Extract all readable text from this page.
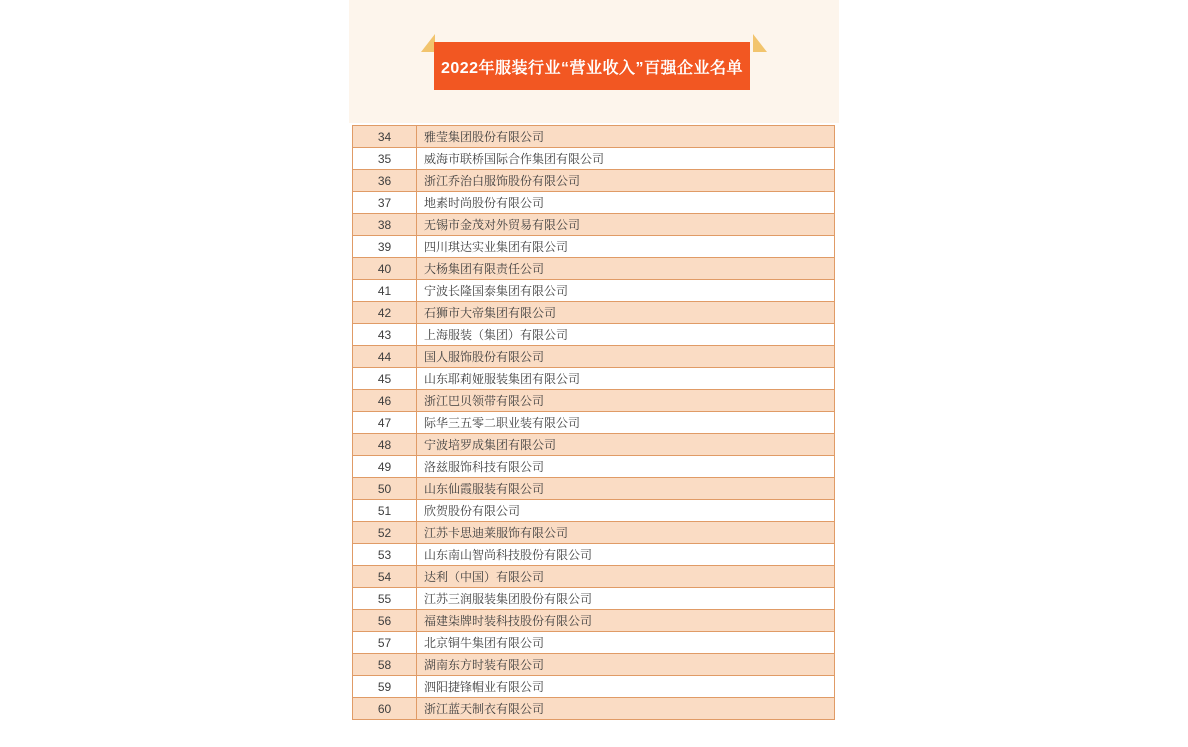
2022年服装行业“营业收入”百强企业名单
34	雅莹集团股份有限公司
35	威海市联桥国际合作集团有限公司
36	浙江乔治白服饰股份有限公司
37	地素时尚股份有限公司
38	无锡市金茂对外贸易有限公司
39	四川琪达实业集团有限公司
40	大杨集团有限责任公司
41	宁波长隆国泰集团有限公司
42	石狮市大帝集团有限公司
43	上海服装（集团）有限公司
44	国人服饰股份有限公司
45	山东耶莉娅服装集团有限公司
46	浙江巴贝领带有限公司
47	际华三五零二职业装有限公司
48	宁波培罗成集团有限公司
49	洛兹服饰科技有限公司
50	山东仙霞服装有限公司
51	欣贺股份有限公司
52	江苏卡思迪莱服饰有限公司
53	山东南山智尚科技股份有限公司
54	达利（中国）有限公司
55	江苏三润服装集团股份有限公司
56	福建柒牌时装科技股份有限公司
57	北京铜牛集团有限公司
58	湖南东方时装有限公司
59	泗阳捷锋帽业有限公司
60	浙江蓝天制衣有限公司
